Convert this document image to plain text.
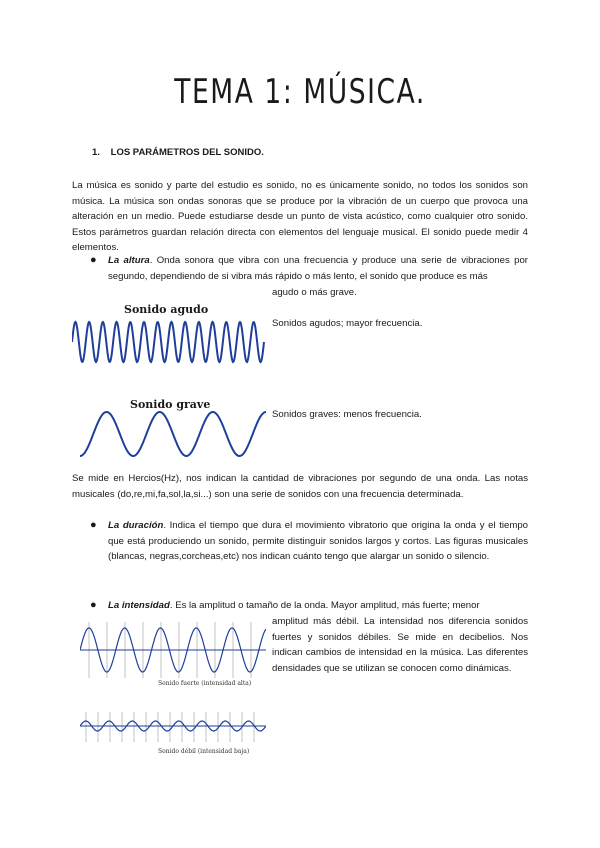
TEMA 1: MÚSICA.
1. LOS PARÁMETROS DEL SONIDO.
La música es sonido y parte del estudio es sonido, no es únicamente sonido, no todos los sonidos son música. La música son ondas sonoras que se produce por la vibración de un cuerpo que provoca una alteración en un medio. Puede estudiarse desde un punto de vista acústico, como cualquier otro sonido. Estos parámetros guardan relación directa con elementos del lenguaje musical. El sonido puede medir 4 elementos.
● La altura. Onda sonora que vibra con una frecuencia y produce una serie de vibraciones por segundo, dependiendo de si vibra más rápido o más lento, el sonido que produce es más
agudo o más grave.
Sonido agudo
Sonidos agudos; mayor frecuencia.
Sonido grave
Sonidos graves: menos frecuencia.
Se mide en Hercios(Hz), nos indican la cantidad de vibraciones por segundo de una onda. Las notas musicales (do,re,mi,fa,sol,la,si...) son una serie de sonidos con una frecuencia determinada.
● La duración. Indica el tiempo que dura el movimiento vibratorio que origina la onda y el tiempo que está produciendo un sonido, permite distinguir sonidos largos y cortos. Las figuras musicales (blancas, negras,corcheas,etc) nos indican cuánto tengo que alargar un sonido o silencio.
● La intensidad. Es la amplitud o tamaño de la onda. Mayor amplitud, más fuerte; menor
amplitud más débil. La intensidad nos diferencia sonidos fuertes y sonidos débiles. Se mide en decibelios. Nos indican cambios de intensidad en la música. Las diferentes densidades que se utilizan se conocen como dinámicas.
Sonido fuerte (intensidad alta)
Sonido débil (intensidad baja)
